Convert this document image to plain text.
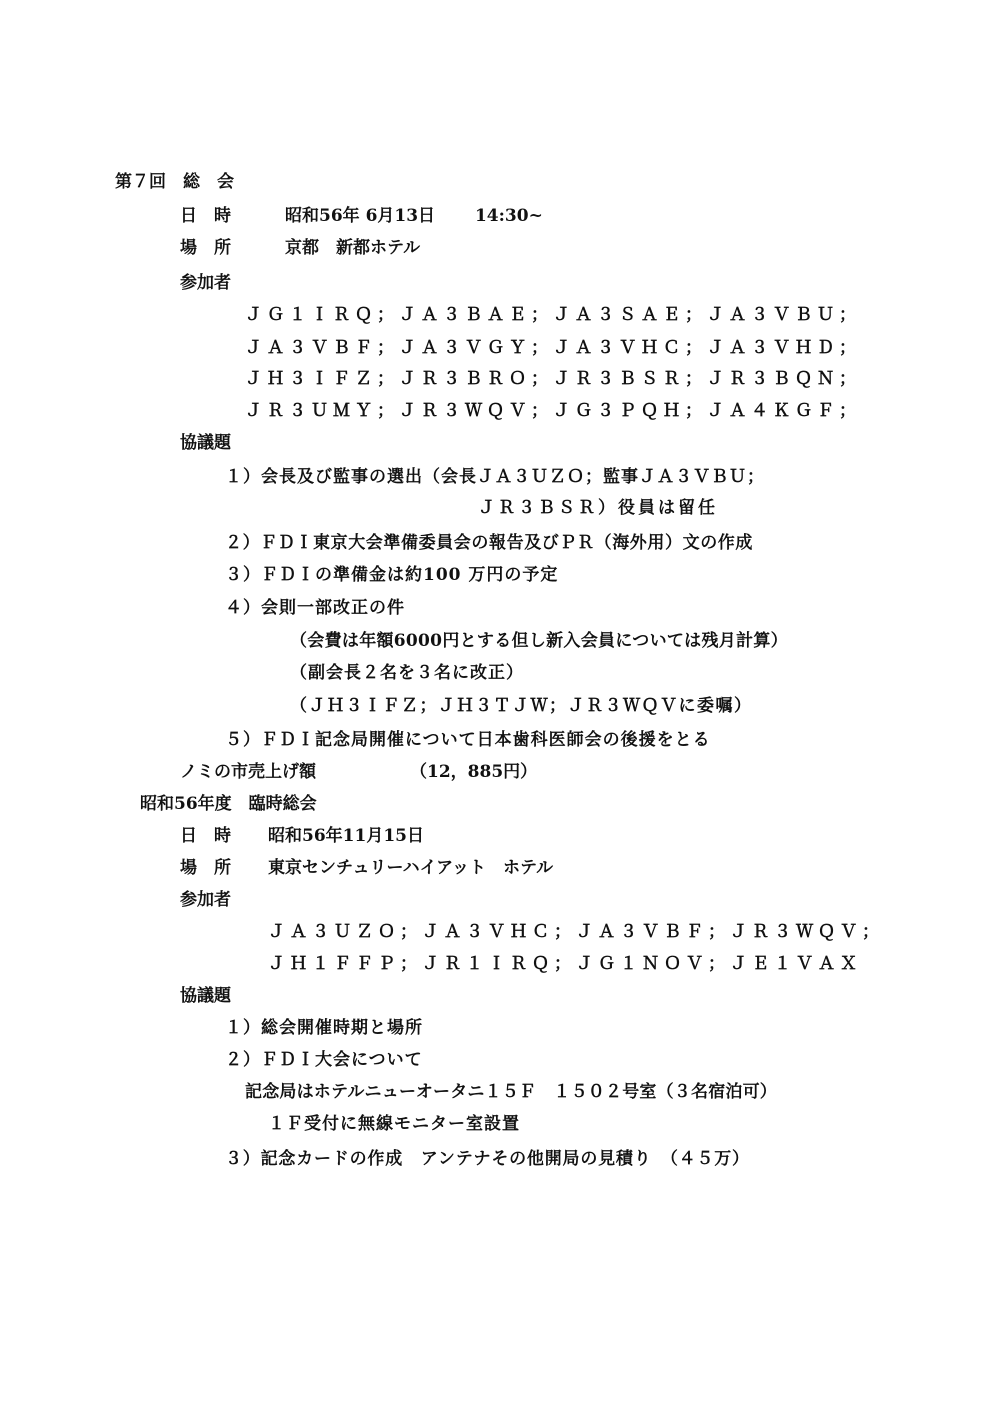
第７回　総　会
日　時	昭和56年 6月13日　　 14:30~
場　所	京都　新都ホテル
参加者
ＪＧ１ＩＲＱ；ＪＡ３ＢＡＥ；ＪＡ３ＳＡＥ；ＪＡ３ＶＢＵ；
ＪＡ３ＶＢＦ；ＪＡ３ＶＧＹ；ＪＡ３ＶＨＣ；ＪＡ３ＶＨＤ；
ＪＨ３ＩＦＺ；ＪＲ３ＢＲＯ；ＪＲ３ＢＳＲ；ＪＲ３ＢＱＮ；
ＪＲ３ＵＭＹ；ＪＲ３ＷＱＶ；ＪＧ３ＰＱＨ；ＪＡ４ＫＧＦ；
協議題
１）会長及び監事の選出（会長ＪＡ３ＵＺＯ；監事ＪＡ３ＶＢＵ；
ＪＲ３ＢＳＲ）役員は留任
２）ＦＤＩ東京大会準備委員会の報告及びＰＲ（海外用）文の作成
３）ＦＤＩの準備金は約100 万円の予定
４）会則一部改正の件
（会費は年額6000円とする但し新入会員については残月計算）
（副会長２名を３名に改正）
（ＪＨ３ＩＦＺ；ＪＨ３ＴＪＷ；ＪＲ３ＷＱＶに委嘱）
５）ＦＤＩ記念局開催について日本歯科医師会の後援をとる
ノミの市売上げ額	（12，885円）
昭和56年度　臨時総会
日　時 昭和56年11月15日
場　所 東京センチュリーハイアット　ホテル
参加者
ＪＡ３ＵＺＯ；ＪＡ３ＶＨＣ；ＪＡ３ＶＢＦ；ＪＲ３ＷＱＶ；
ＪＨ１ＦＦＰ；ＪＲ１ＩＲＱ；ＪＧ１ＮＯＶ；ＪＥ１ＶＡＸ
協議題
１）総会開催時期と場所
２）ＦＤＩ大会について
記念局はホテルニューオータニ１５Ｆ　１５０２号室（３名宿泊可）
１Ｆ受付に無線モニター室設置
３）記念カードの作成　アンテナその他開局の見積り　（４５万）
